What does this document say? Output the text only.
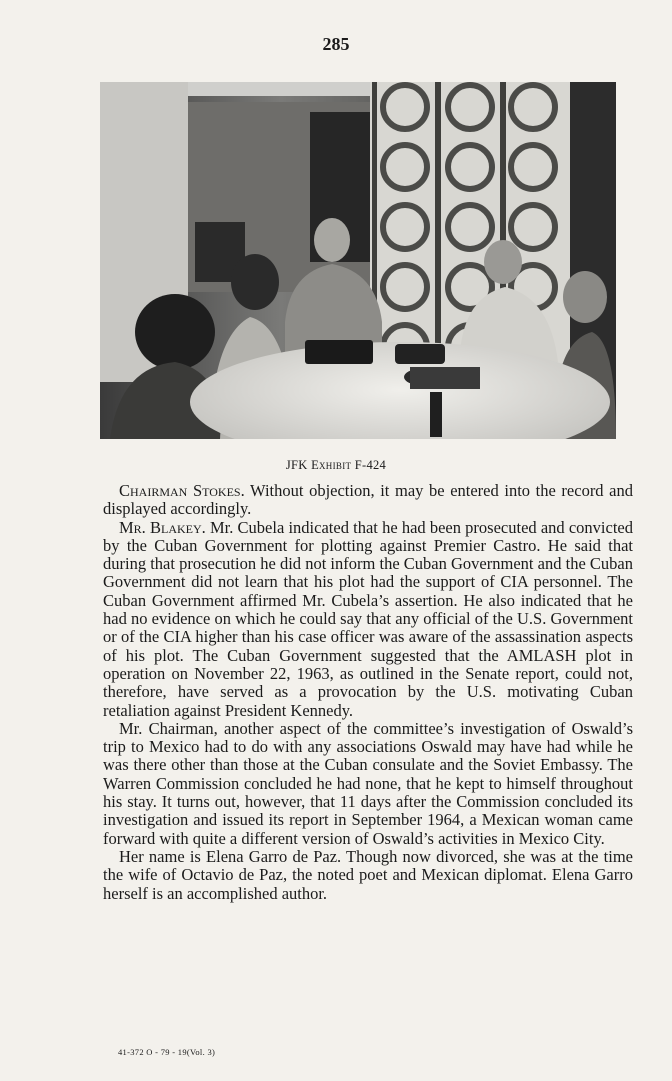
285
JFK Exhibit F-424

Chairman Stokes. Without objection, it may be entered into the record and displayed accordingly.

Mr. Blakey. Mr. Cubela indicated that he had been prosecuted and convicted by the Cuban Government for plotting against Premier Castro. He said that during that prosecution he did not inform the Cuban Government and the Cuban Government did not learn that his plot had the support of CIA personnel. The Cuban Government affirmed Mr. Cubela’s assertion. He also indicated that he had no evidence on which he could say that any official of the U.S. Government or of the CIA higher than his case officer was aware of the assassination aspects of his plot. The Cuban Government suggested that the AMLASH plot in operation on November 22, 1963, as outlined in the Senate report, could not, therefore, have served as a provocation by the U.S. motivating Cuban retaliation against President Kennedy.

Mr. Chairman, another aspect of the committee’s investigation of Oswald’s trip to Mexico had to do with any associations Oswald may have had while he was there other than those at the Cuban consulate and the Soviet Embassy. The Warren Commission concluded he had none, that he kept to himself throughout his stay. It turns out, however, that 11 days after the Commission concluded its investigation and issued its report in September 1964, a Mexican woman came forward with quite a different version of Oswald’s activities in Mexico City.

Her name is Elena Garro de Paz. Though now divorced, she was at the time the wife of Octavio de Paz, the noted poet and Mexican diplomat. Elena Garro herself is an accomplished author.

41-372 O - 79 - 19(Vol. 3)
